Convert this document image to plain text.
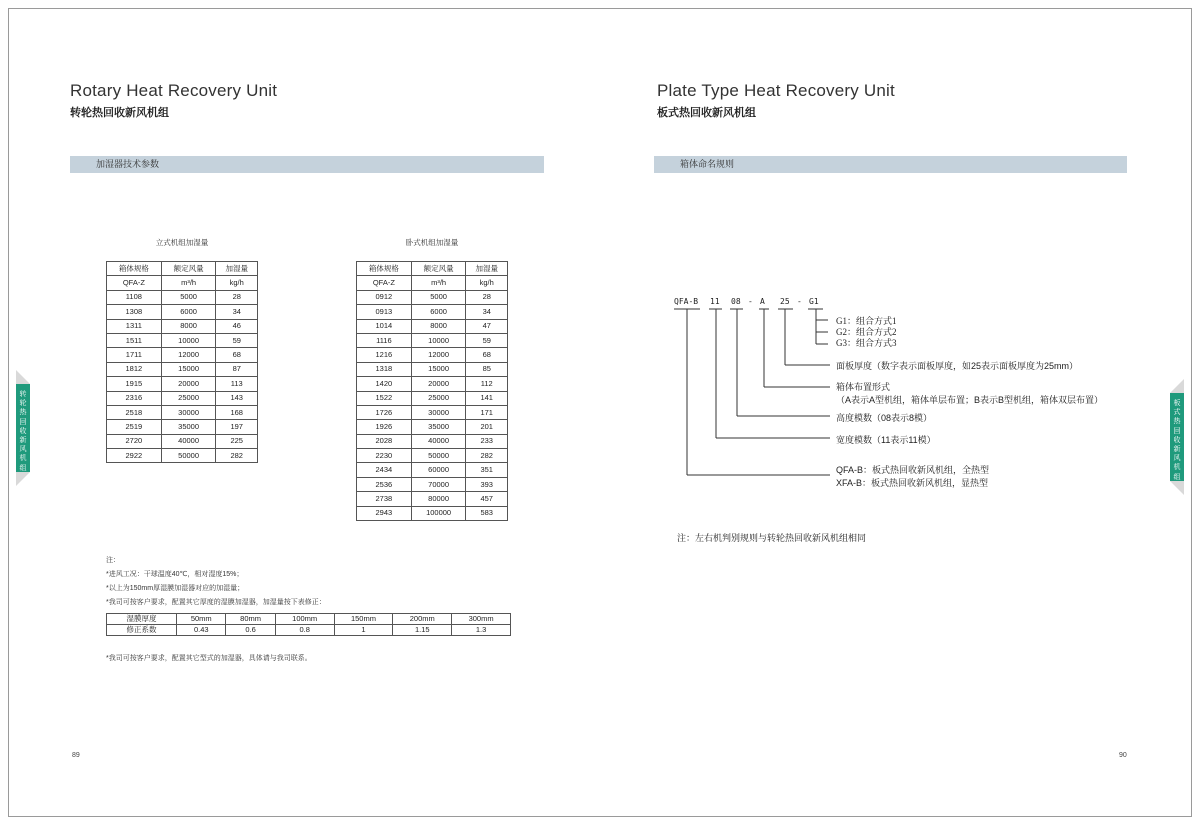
Rotary Heat Recovery Unit
转轮热回收新风机组
加湿器技术参数
立式机组加湿量
箱体规格	额定风量	加湿量
QFA-Z	m³/h	kg/h
1108	5000	28
1308	6000	34
1311	8000	46
1511	10000	59
1711	12000	68
1812	15000	87
1915	20000	113
2316	25000	143
2518	30000	168
2519	35000	197
2720	40000	225
2922	50000	282
卧式机组加湿量
箱体规格	额定风量	加湿量
QFA-Z	m³/h	kg/h
0912	5000	28
0913	6000	34
1014	8000	47
1116	10000	59
1216	12000	68
1318	15000	85
1420	20000	112
1522	25000	141
1726	30000	171
1926	35000	201
2028	40000	233
2230	50000	282
2434	60000	351
2536	70000	393
2738	80000	457
2943	100000	583
注：
*进风工况：干球温度40℃，相对湿度15%；
*以上为150mm厚湿膜加湿器对应的加湿量；
*我司可按客户要求，配置其它厚度的湿膜加湿器，加湿量按下表修正：
湿膜厚度	50mm	80mm	100mm	150mm	200mm	300mm
修正系数	0.43	0.6	0.8	1	1.15	1.3
*我司可按客户要求，配置其它型式的加湿器，具体请与我司联系。
89
转
轮
热
回
收
新
风
机
组
Plate Type Heat Recovery Unit
板式热回收新风机组
箱体命名规则
QFA-B 11 08 - A 25 - G1
G1：组合方式1
G2：组合方式2
G3：组合方式3
面板厚度（数字表示面板厚度，如25表示面板厚度为25mm）
箱体布置形式
（A表示A型机组，箱体单层布置；B表示B型机组，箱体双层布置）
高度模数（08表示8模）
宽度模数（11表示11模）
QFA-B：板式热回收新风机组，全热型
XFA-B：板式热回收新风机组，显热型
注：左右机判别规则与转轮热回收新风机组相同
90
板
式
热
回
收
新
风
机
组
